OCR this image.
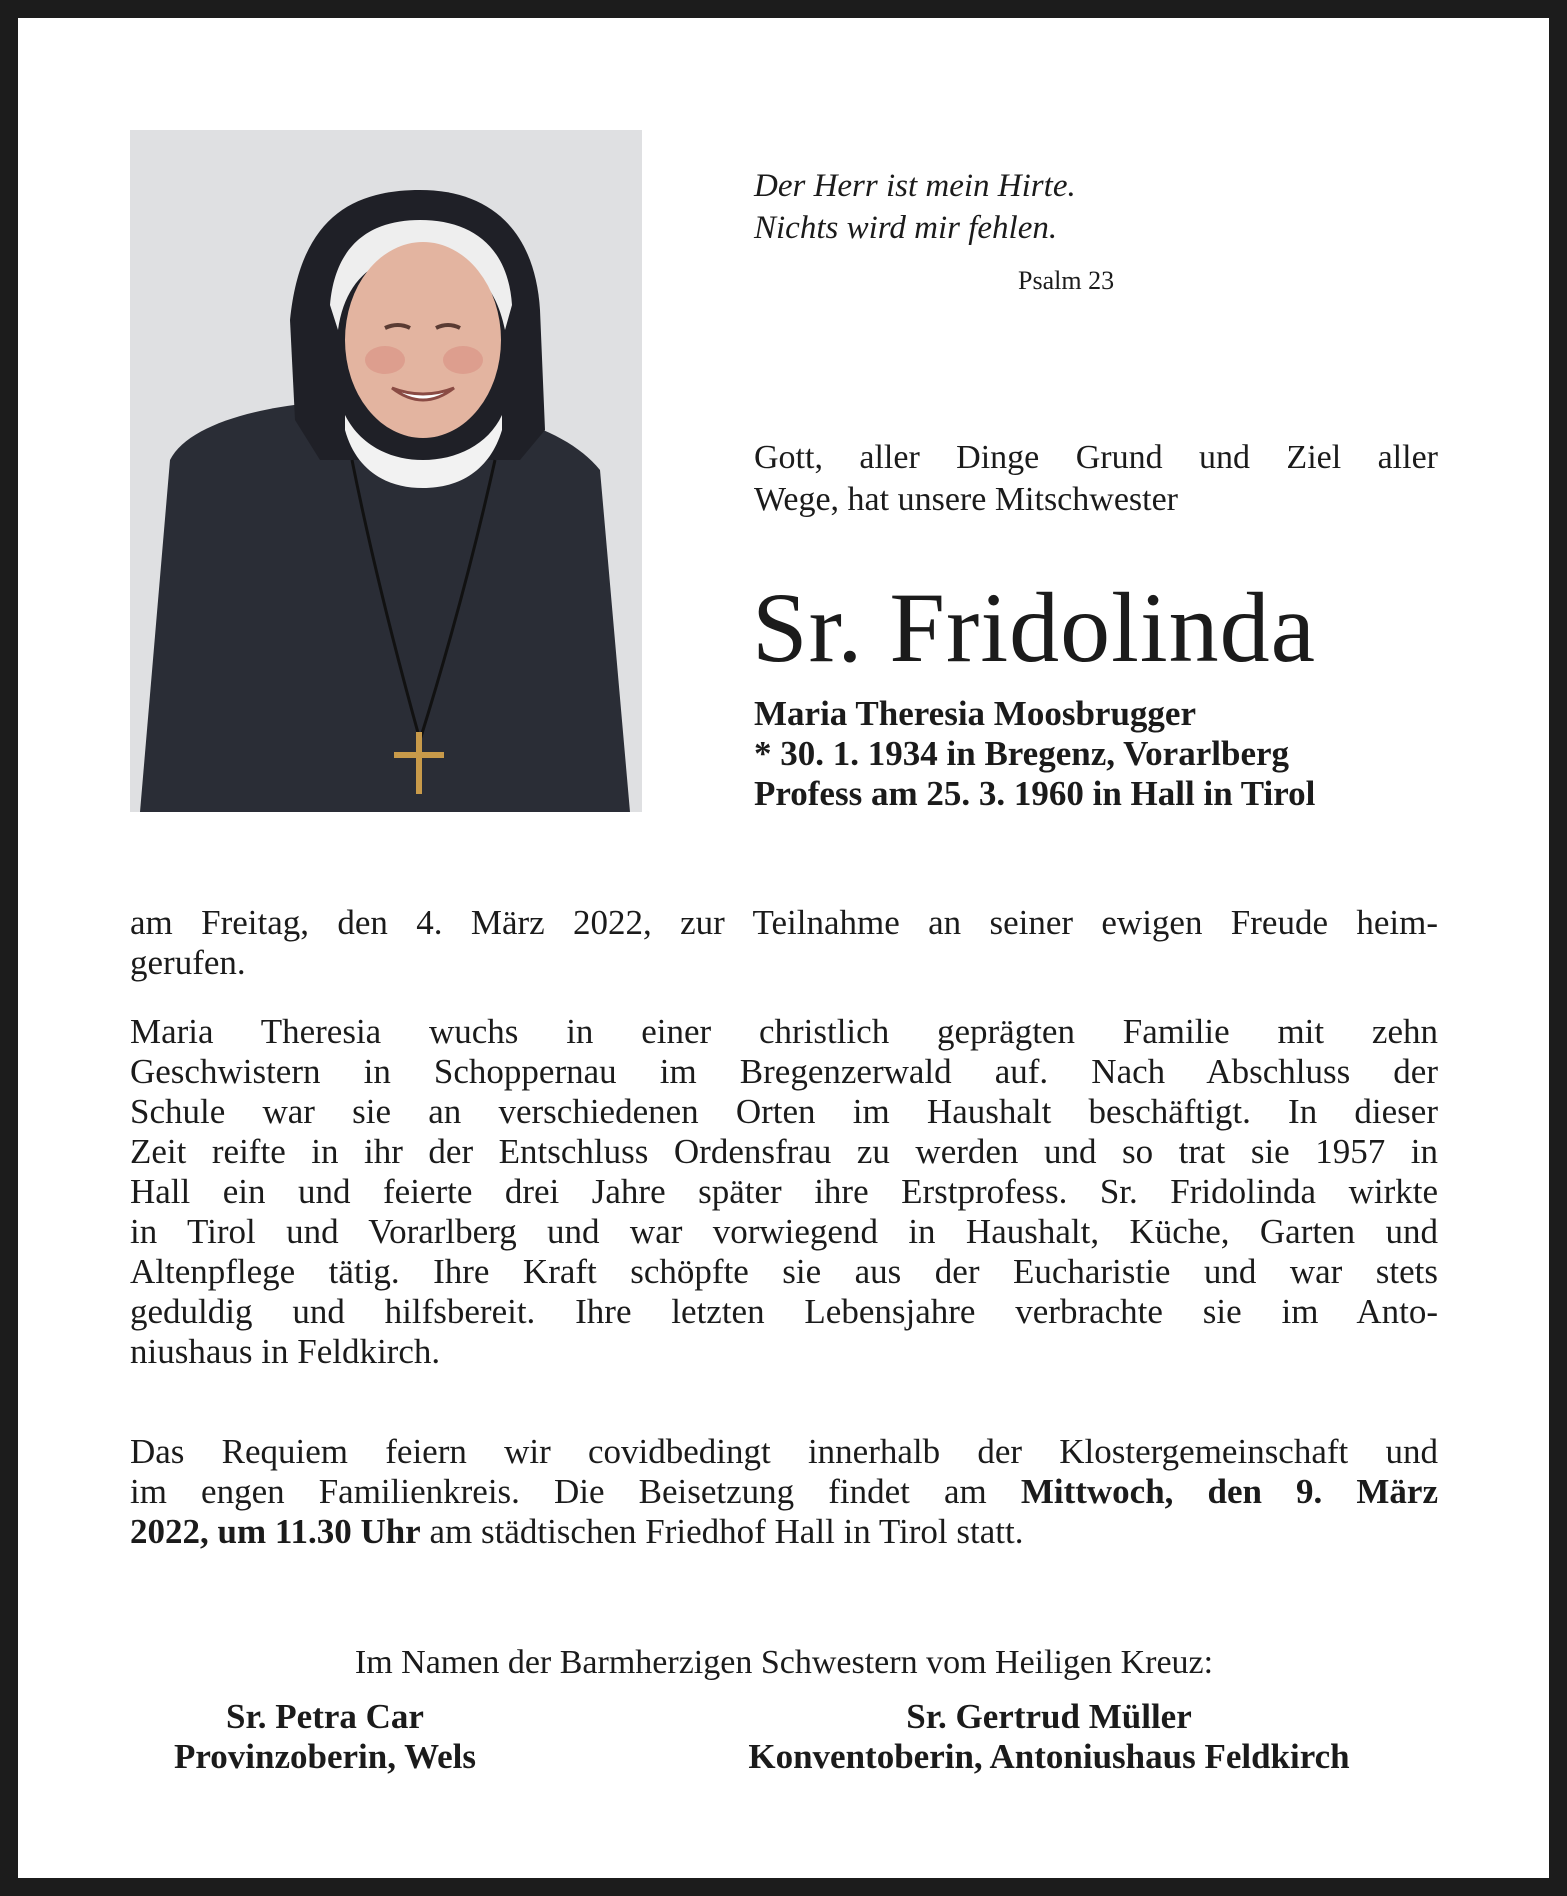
Der Herr ist mein Hirte.
Nichts wird mir fehlen.
Psalm 23
Gott, aller Dinge Grund und Ziel aller
Wege, hat unsere Mitschwester
Sr. Fridolinda
Maria Theresia Moosbrugger
* 30. 1. 1934 in Bregenz, Vorarlberg
Profess am 25. 3. 1960 in Hall in Tirol
am Freitag, den 4. März 2022, zur Teilnahme an seiner ewigen Freude heim-
gerufen.
Maria Theresia wuchs in einer christlich geprägten Familie mit zehn
Geschwistern in Schoppernau im Bregenzerwald auf. Nach Abschluss der
Schule war sie an verschiedenen Orten im Haushalt beschäftigt. In dieser
Zeit reifte in ihr der Entschluss Ordensfrau zu werden und so trat sie 1957 in
Hall ein und feierte drei Jahre später ihre Erstprofess. Sr. Fridolinda wirkte
in Tirol und Vorarlberg und war vorwiegend in Haushalt, Küche, Garten und
Altenpflege tätig. Ihre Kraft schöpfte sie aus der Eucharistie und war stets
geduldig und hilfsbereit. Ihre letzten Lebensjahre verbrachte sie im Anto-
niushaus in Feldkirch.
Das Requiem feiern wir covidbedingt innerhalb der Klostergemeinschaft und
im engen Familienkreis. Die Beisetzung findet am Mittwoch, den 9. März
2022, um 11.30 Uhr am städtischen Friedhof Hall in Tirol statt.
Im Namen der Barmherzigen Schwestern vom Heiligen Kreuz:
Sr. Petra Car
Provinzoberin, Wels
Sr. Gertrud Müller
Konventoberin, Antoniushaus Feldkirch
